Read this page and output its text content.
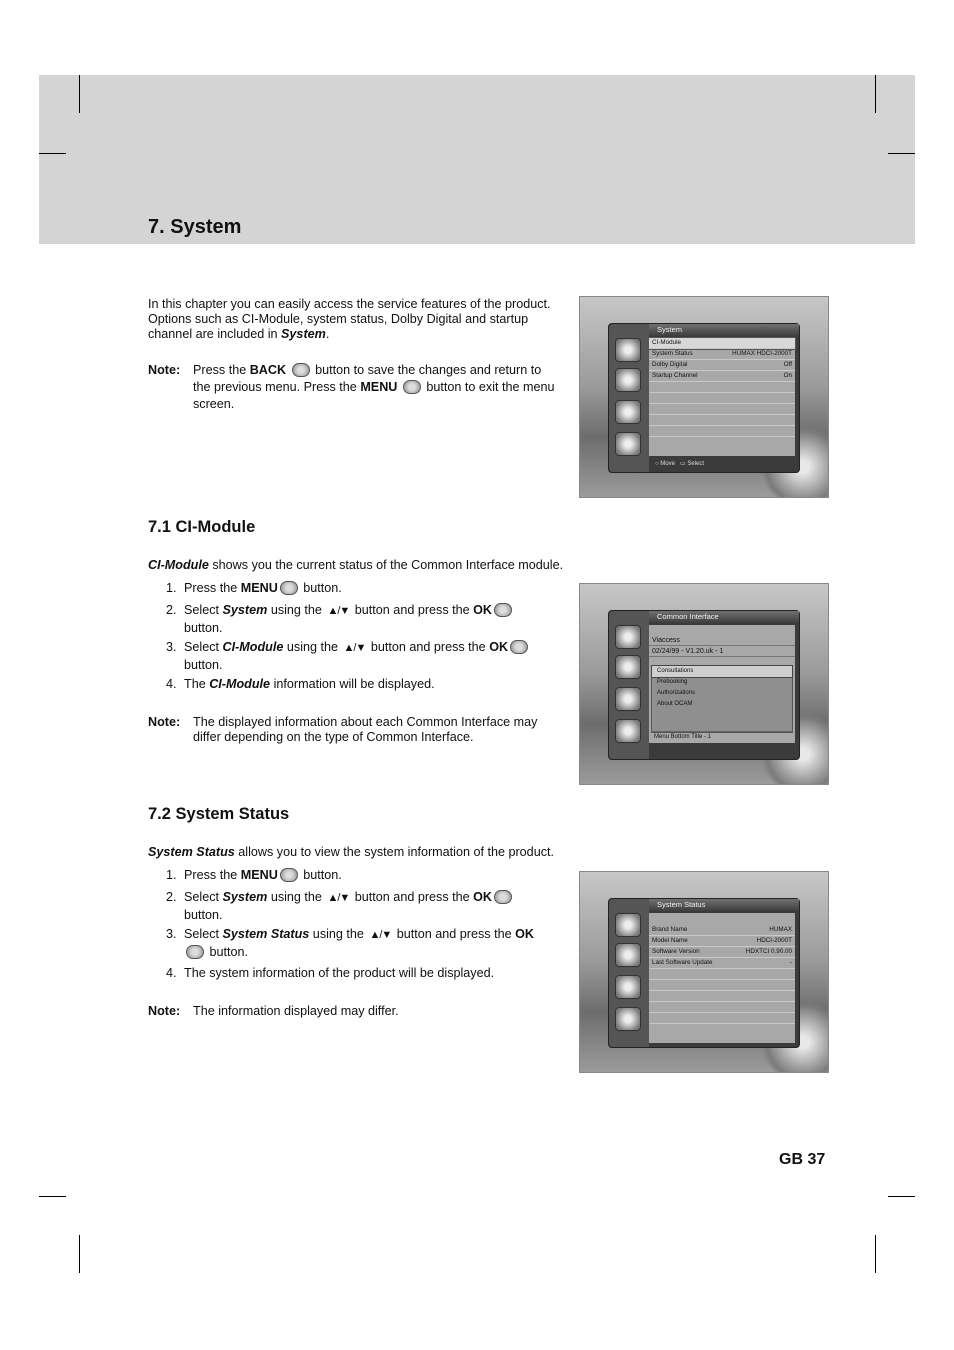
7. System
In this chapter you can easily access the service features of the product. Options such as CI-Module, system status, Dolby Digital and startup channel are included in System.
Note: Press the BACK  button to save the changes and return to the previous menu. Press the MENU  button to exit the menu screen.
System
CI-Module
System Status	HUMAX HDCI-2000T
Dolby Digital	Off
Startup Channel	On
○ Move   ▭ Select
7.1 CI-Module
CI-Module shows you the current status of the Common Interface module.
1. Press the MENU button.
2. Select System using the ▲/▼ button and press the OK
button.
3. Select CI-Module using the ▲/▼ button and press the OK
button.
4. The CI-Module information will be displayed.
Note: The displayed information about each Common Interface may differ depending on the type of Common Interface.
Common Interface
Viaccess
02/24/99 - V1.20.uk - 1
Consultations
Prebooking
Authorizations
About OCAM
Menu Bottom Title - 1
7.2 System Status
System Status allows you to view the system information of the product.
1. Press the MENU button.
2. Select System using the ▲/▼ button and press the OK
button.
3. Select System Status using the ▲/▼ button and press the OK
button.
4. The system information of the product will be displayed.
Note: The information displayed may differ.
System Status
Brand Name	HUMAX
Model Name	HDCI-2000T
Software Version	HDXTCI 0.90.00
Last Software Update	-
GB 37
